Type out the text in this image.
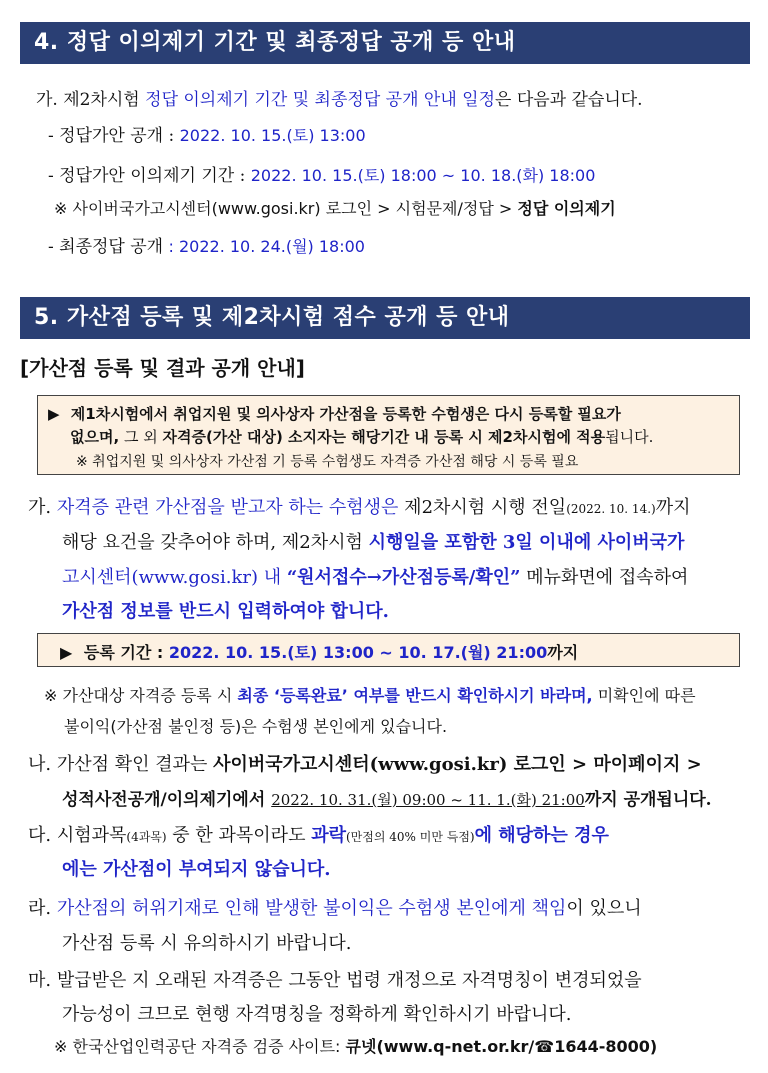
4. 정답 이의제기 기간 및 최종정답 공개 등 안내
가. 제2차시험 정답 이의제기 기간 및 최종정답 공개 안내 일정은 다음과 같습니다.
- 정답가안 공개 : 2022. 10. 15.(토) 13:00
- 정답가안 이의제기 기간 : 2022. 10. 15.(토) 18:00 ~ 10. 18.(화) 18:00
※ 사이버국가고시센터(www.gosi.kr) 로그인 > 시험문제/정답 > 정답 이의제기
- 최종정답 공개 : 2022. 10. 24.(월) 18:00
5. 가산점 등록 및 제2차시험 점수 공개 등 안내
[가산점 등록 및 결과 공개 안내]
▶ 제1차시험에서 취업지원 및 의사상자 가산점을 등록한 수험생은 다시 등록할 필요가
없으며, 그 외 자격증(가산 대상) 소지자는 해당기간 내 등록 시 제2차시험에 적용됩니다.
※ 취업지원 및 의사상자 가산점 기 등록 수험생도 자격증 가산점 해당 시 등록 필요
가. 자격증 관련 가산점을 받고자 하는 수험생은 제2차시험 시행 전일(2022. 10. 14.)까지
해당 요건을 갖추어야 하며, 제2차시험 시행일을 포함한 3일 이내에 사이버국가
고시센터(www.gosi.kr) 내 “원서접수→가산점등록/확인” 메뉴화면에 접속하여
가산점 정보를 반드시 입력하여야 합니다.
▶ 등록 기간 : 2022. 10. 15.(토) 13:00 ~ 10. 17.(월) 21:00까지
※ 가산대상 자격증 등록 시 최종 ‘등록완료’ 여부를 반드시 확인하시기 바라며, 미확인에 따른
불이익(가산점 불인정 등)은 수험생 본인에게 있습니다.
나. 가산점 확인 결과는 사이버국가고시센터(www.gosi.kr) 로그인 > 마이페이지 >
성적사전공개/이의제기에서 2022. 10. 31.(월) 09:00 ~ 11. 1.(화) 21:00까지 공개됩니다.
다. 시험과목(4과목) 중 한 과목이라도 과락(만점의 40% 미만 득점)에 해당하는 경우
에는 가산점이 부여되지 않습니다.
라. 가산점의 허위기재로 인해 발생한 불이익은 수험생 본인에게 책임이 있으니
가산점 등록 시 유의하시기 바랍니다.
마. 발급받은 지 오래된 자격증은 그동안 법령 개정으로 자격명칭이 변경되었을
가능성이 크므로 현행 자격명칭을 정확하게 확인하시기 바랍니다.
※ 한국산업인력공단 자격증 검증 사이트: 큐넷(www.q-net.or.kr/☎1644-8000)
